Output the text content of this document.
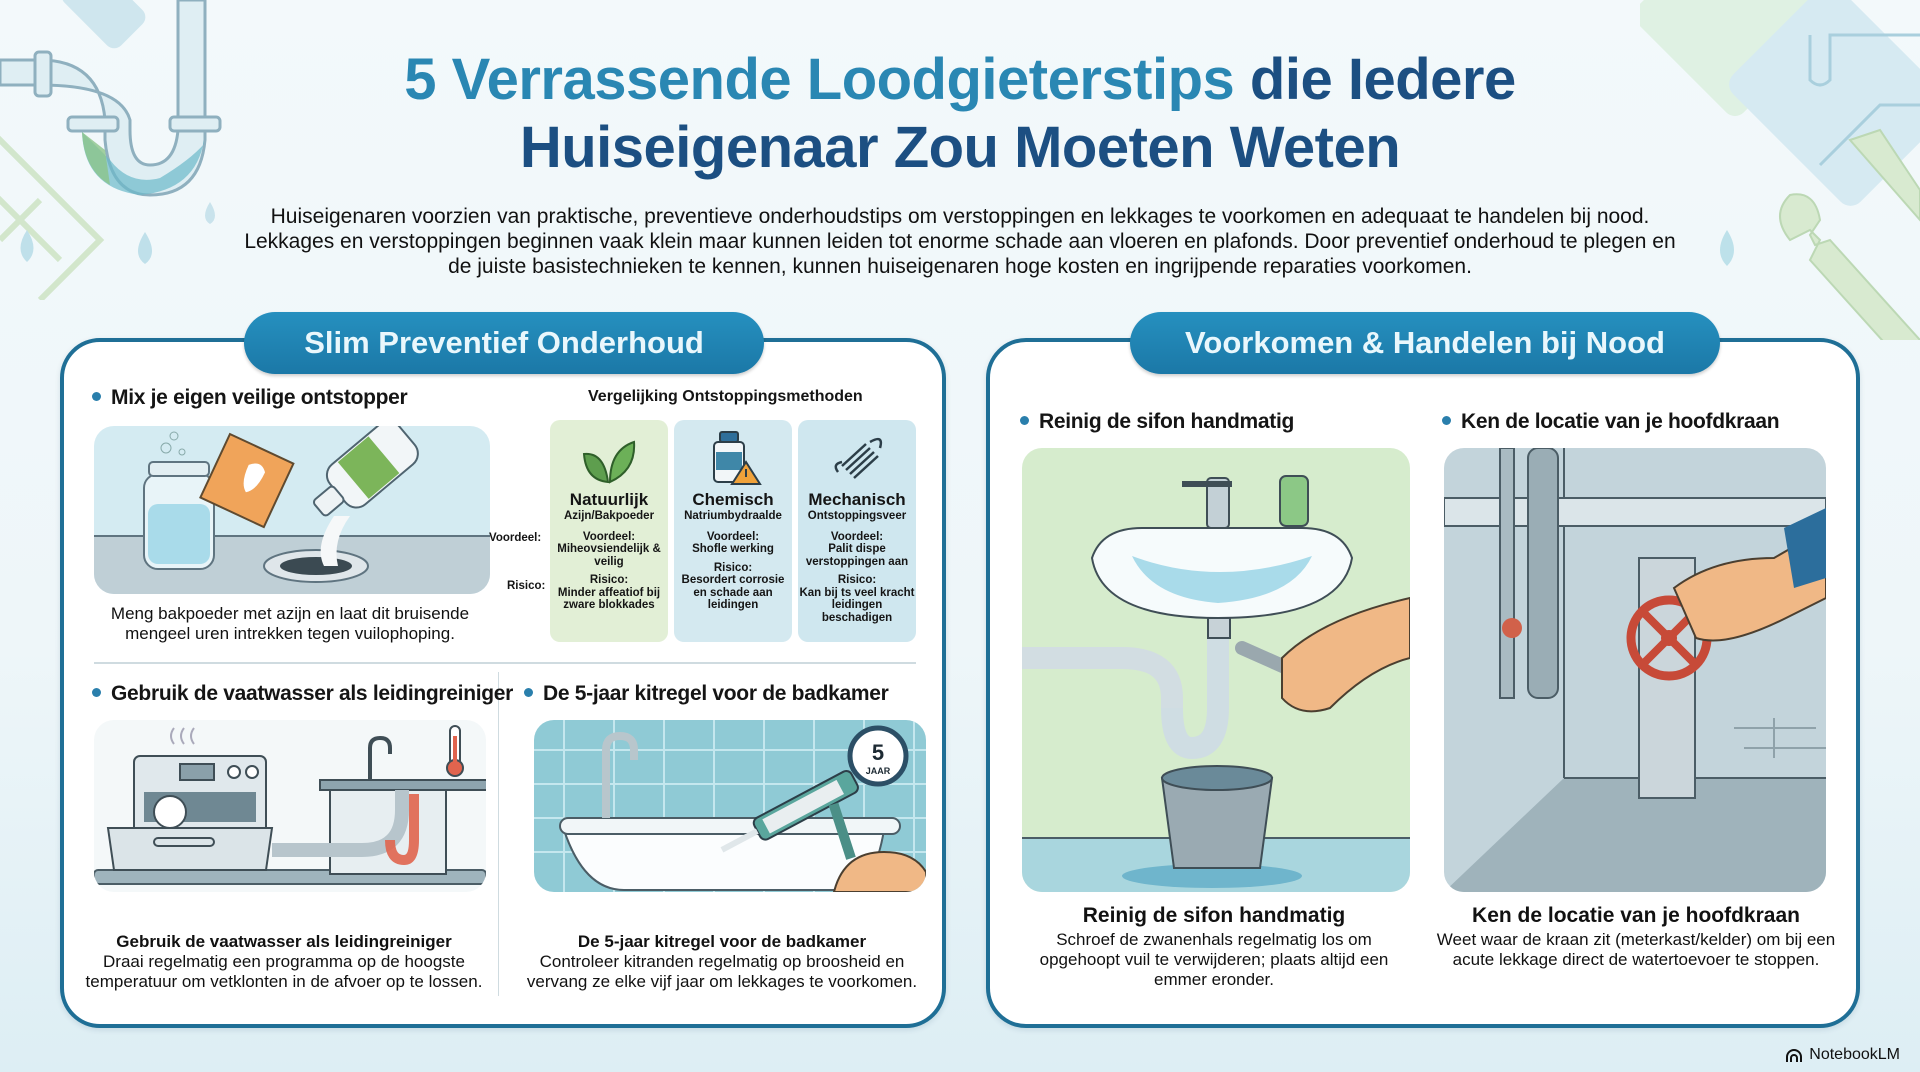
5 Verrassende Loodgieterstips die Iedere
Huiseigenaar Zou Moeten Weten
Huiseigenaren voorzien van praktische, preventieve onderhoudstips om verstoppingen en lekkages te voorkomen en adequaat te handelen bij nood. Lekkages en verstoppingen beginnen vaak klein maar kunnen leiden tot enorme schade aan vloeren en plafonds. Door preventief onderhoud te plegen en de juiste basistechnieken te kennen, kunnen huiseigenaren hoge kosten en ingrijpende reparaties voorkomen.
Slim Preventief Onderhoud
Mix je eigen veilige ontstopper
Meng bakpoeder met azijn en laat dit bruisende mengeel uren intrekken tegen vuilophoping.
Vergelijking Ontstoppingsmethoden
Voordeel:
Risico:
Natuurlijk
Azijn/Bakpoeder
Voordeel:
Miheovsiendelijk & veilig
Risico:
Minder affeatiof bij zware blokkades
Chemisch
Natriumbydraalde
Voordeel:
Shofle werking
Risico:
Besordert corrosie en schade aan leidingen
Mechanisch
Ontstoppingsveer
Voordeel:
Palit dispe verstoppingen aan
Risico:
Kan bij ts veel kracht leidingen beschadigen
Gebruik de vaatwasser als leidingreiniger
Gebruik de vaatwasser als leidingreiniger
Draai regelmatig een programma op de hoogste temperatuur om vetklonten in de afvoer op te lossen.
De 5-jaar kitregel voor de badkamer
5
JAAR
De 5-jaar kitregel voor de badkamer
Controleer kitranden regelmatig op broosheid en vervang ze elke vijf jaar om lekkages te voorkomen.
Voorkomen & Handelen bij Nood
Reinig de sifon handmatig
Reinig de sifon handmatig
Schroef de zwanenhals regelmatig los om opgehoopt vuil te verwijderen; plaats altijd een emmer eronder.
Ken de locatie van je hoofdkraan
Ken de locatie van je hoofdkraan
Weet waar de kraan zit (meterkast/kelder) om bij een acute lekkage direct de watertoevoer te stoppen.
NotebookLM
